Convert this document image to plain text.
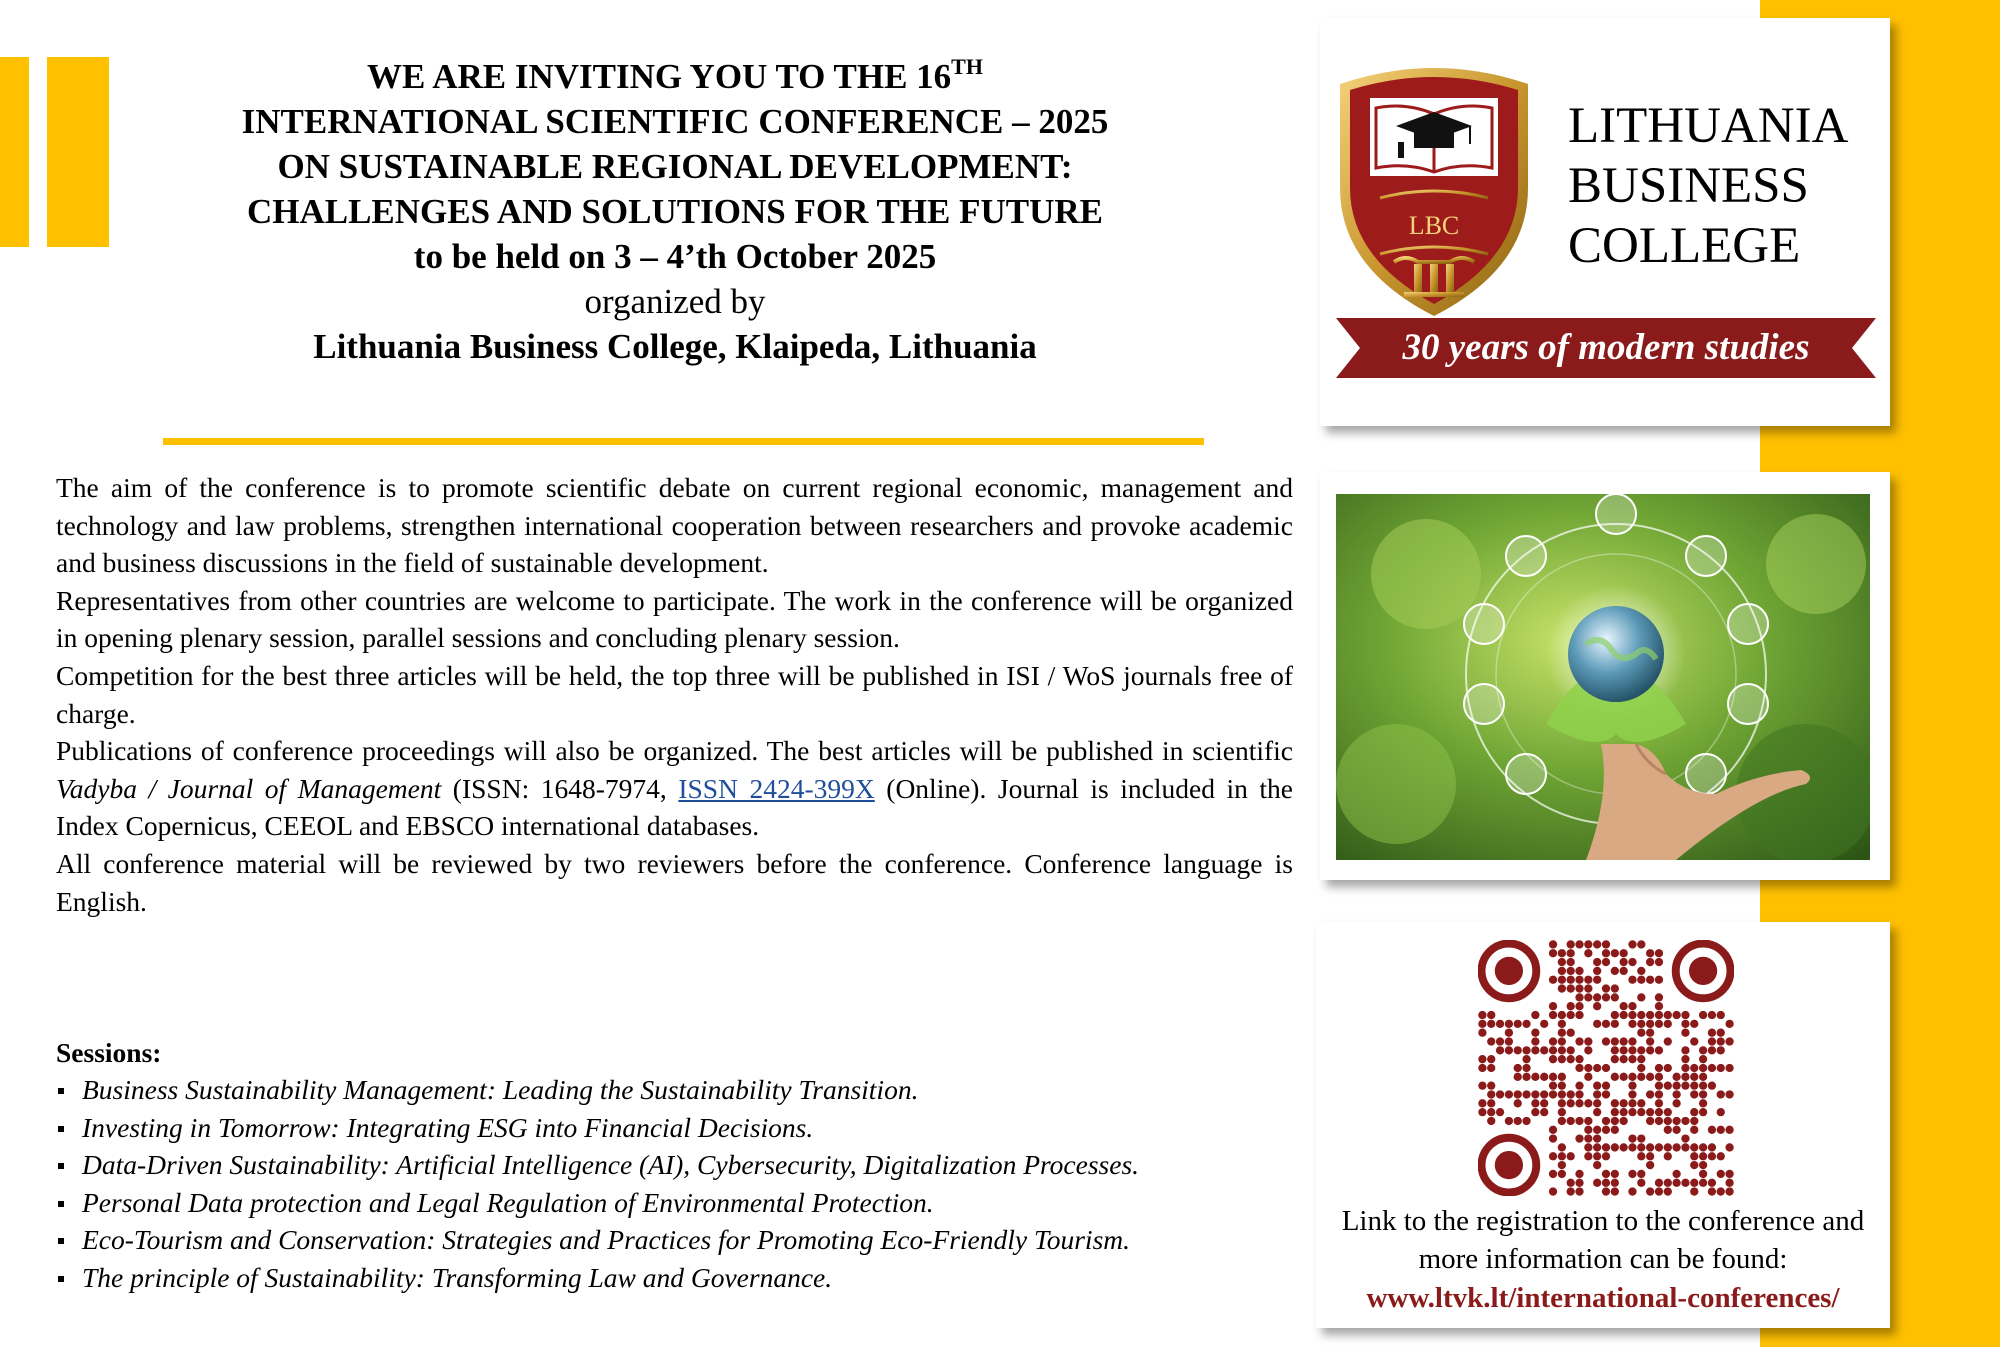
WE ARE INVITING YOU TO THE 16TH
INTERNATIONAL SCIENTIFIC CONFERENCE – 2025
ON SUSTAINABLE REGIONAL DEVELOPMENT:
CHALLENGES AND SOLUTIONS FOR THE FUTURE
to be held on 3 – 4’th October 2025
organized by
Lithuania Business College, Klaipeda, Lithuania

The aim of the conference is to promote scientific debate on current regional economic, management and technology and law problems, strengthen international cooperation between researchers and provoke academic and business discussions in the field of sustainable development.

Representatives from other countries are welcome to participate. The work in the conference will be organized in opening plenary session, parallel sessions and concluding plenary session.

Competition for the best three articles will be held, the top three will be published in ISI / WoS journals free of charge.

Publications of conference proceedings will also be organized. The best articles will be published in scientific Vadyba / Journal of Management (ISSN: 1648-7974, ISSN 2424-399X (Online). Journal is included in the Index Copernicus, CEEOL and EBSCO international databases.

All conference material will be reviewed by two reviewers before the conference. Conference language is English.

Sessions:
Business Sustainability Management: Leading the Sustainability Transition.
Investing in Tomorrow: Integrating ESG into Financial Decisions.
Data-Driven Sustainability: Artificial Intelligence (AI), Cybersecurity, Digitalization Processes.
Personal Data protection and Legal Regulation of Environmental Protection.
Eco-Tourism and Conservation: Strategies and Practices for Promoting Eco-Friendly Tourism.
The principle of Sustainability: Transforming Law and Governance.
LBC
LITHUANIA
BUSINESS
COLLEGE
30 years of modern studies
Link to the registration to the conference and more information can be found:
www.ltvk.lt/international-conferences/
